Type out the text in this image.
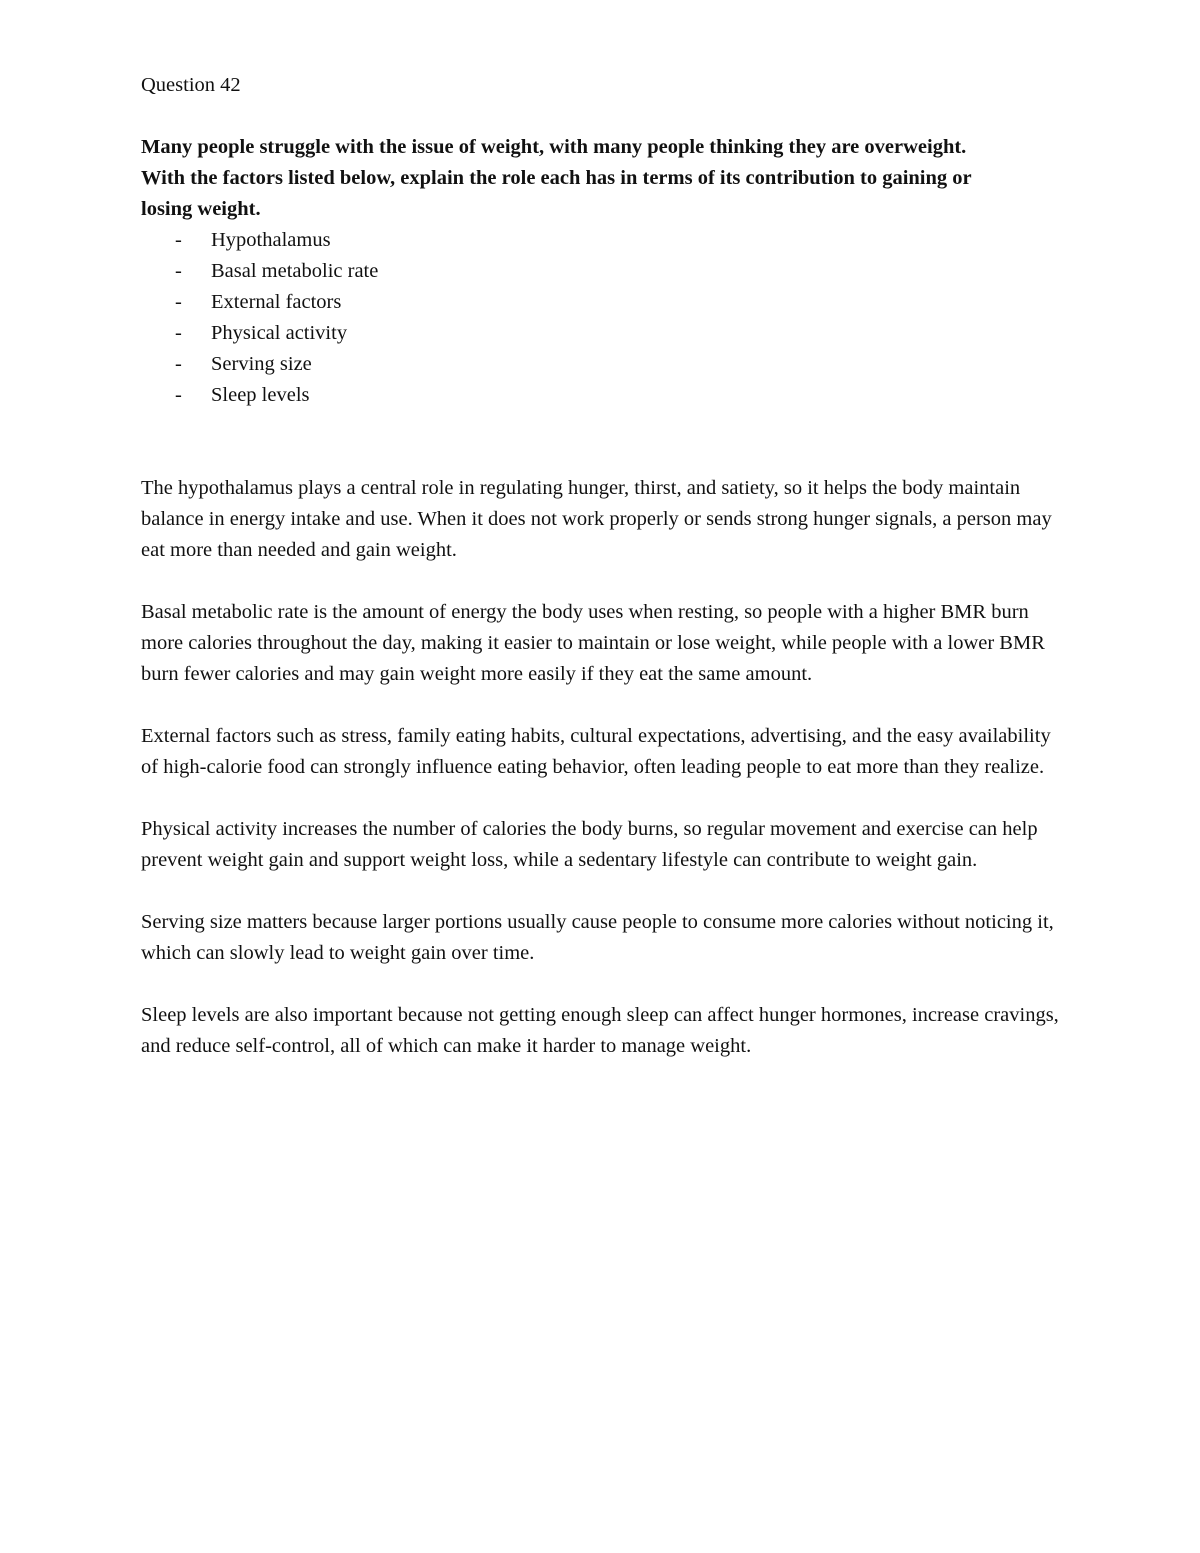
Question 42

Many people struggle with the issue of weight, with many people thinking they are overweight. With the factors listed below, explain the role each has in terms of its contribution to gaining or losing weight.

-	Hypothalamus
-	Basal metabolic rate
-	External factors
-	Physical activity
-	Serving size
-	Sleep levels

The hypothalamus plays a central role in regulating hunger, thirst, and satiety, so it helps the body maintain balance in energy intake and use. When it does not work properly or sends strong hunger signals, a person may eat more than needed and gain weight.

Basal metabolic rate is the amount of energy the body uses when resting, so people with a higher BMR burn more calories throughout the day, making it easier to maintain or lose weight, while people with a lower BMR burn fewer calories and may gain weight more easily if they eat the same amount.

External factors such as stress, family eating habits, cultural expectations, advertising, and the easy availability of high-calorie food can strongly influence eating behavior, often leading people to eat more than they realize.

Physical activity increases the number of calories the body burns, so regular movement and exercise can help prevent weight gain and support weight loss, while a sedentary lifestyle can contribute to weight gain.

Serving size matters because larger portions usually cause people to consume more calories without noticing it, which can slowly lead to weight gain over time.

Sleep levels are also important because not getting enough sleep can affect hunger hormones, increase cravings, and reduce self-control, all of which can make it harder to manage weight.
